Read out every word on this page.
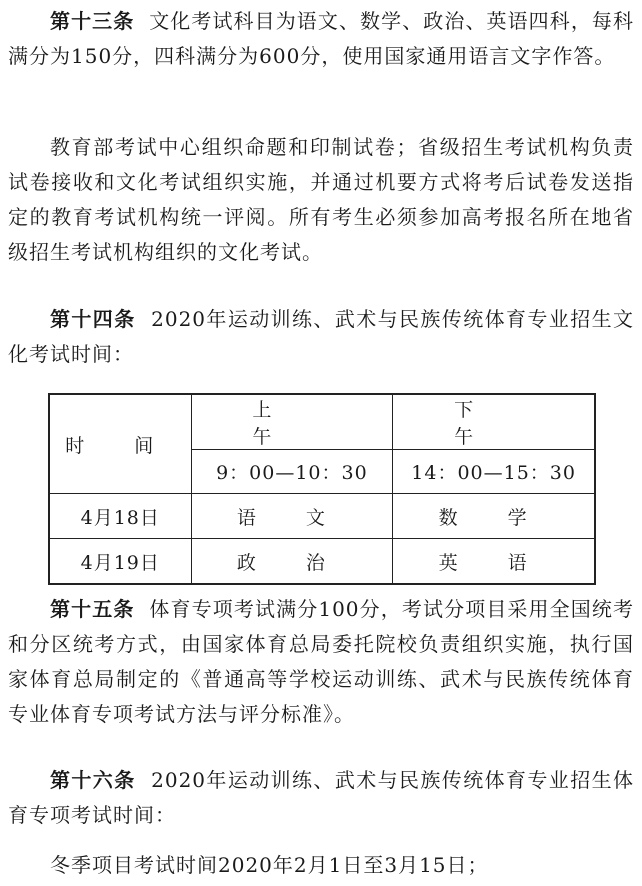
第十三条 文化考试科目为语文、数学、政治、英语四科，每科满分为150分，四科满分为600分，使用国家通用语言文字作答。

教育部考试中心组织命题和印制试卷；省级招生考试机构负责试卷接收和文化考试组织实施，并通过机要方式将考后试卷发送指定的教育考试机构统一评阅。所有考生必须参加高考报名所在地省级招生考试机构组织的文化考试。

第十四条 2020年运动训练、武术与民族传统体育专业招生文化考试时间：

时 间	上 午	下 午
	9：00—10：30	14：00—15：30
4月18日	语 文	数 学
4月19日	政 治	英 语

第十五条 体育专项考试满分100分，考试分项目采用全国统考和分区统考方式，由国家体育总局委托院校负责组织实施，执行国家体育总局制定的《普通高等学校运动训练、武术与民族传统体育专业体育专项考试方法与评分标准》。

第十六条 2020年运动训练、武术与民族传统体育专业招生体育专项考试时间：

冬季项目考试时间2020年2月1日至3月15日；
